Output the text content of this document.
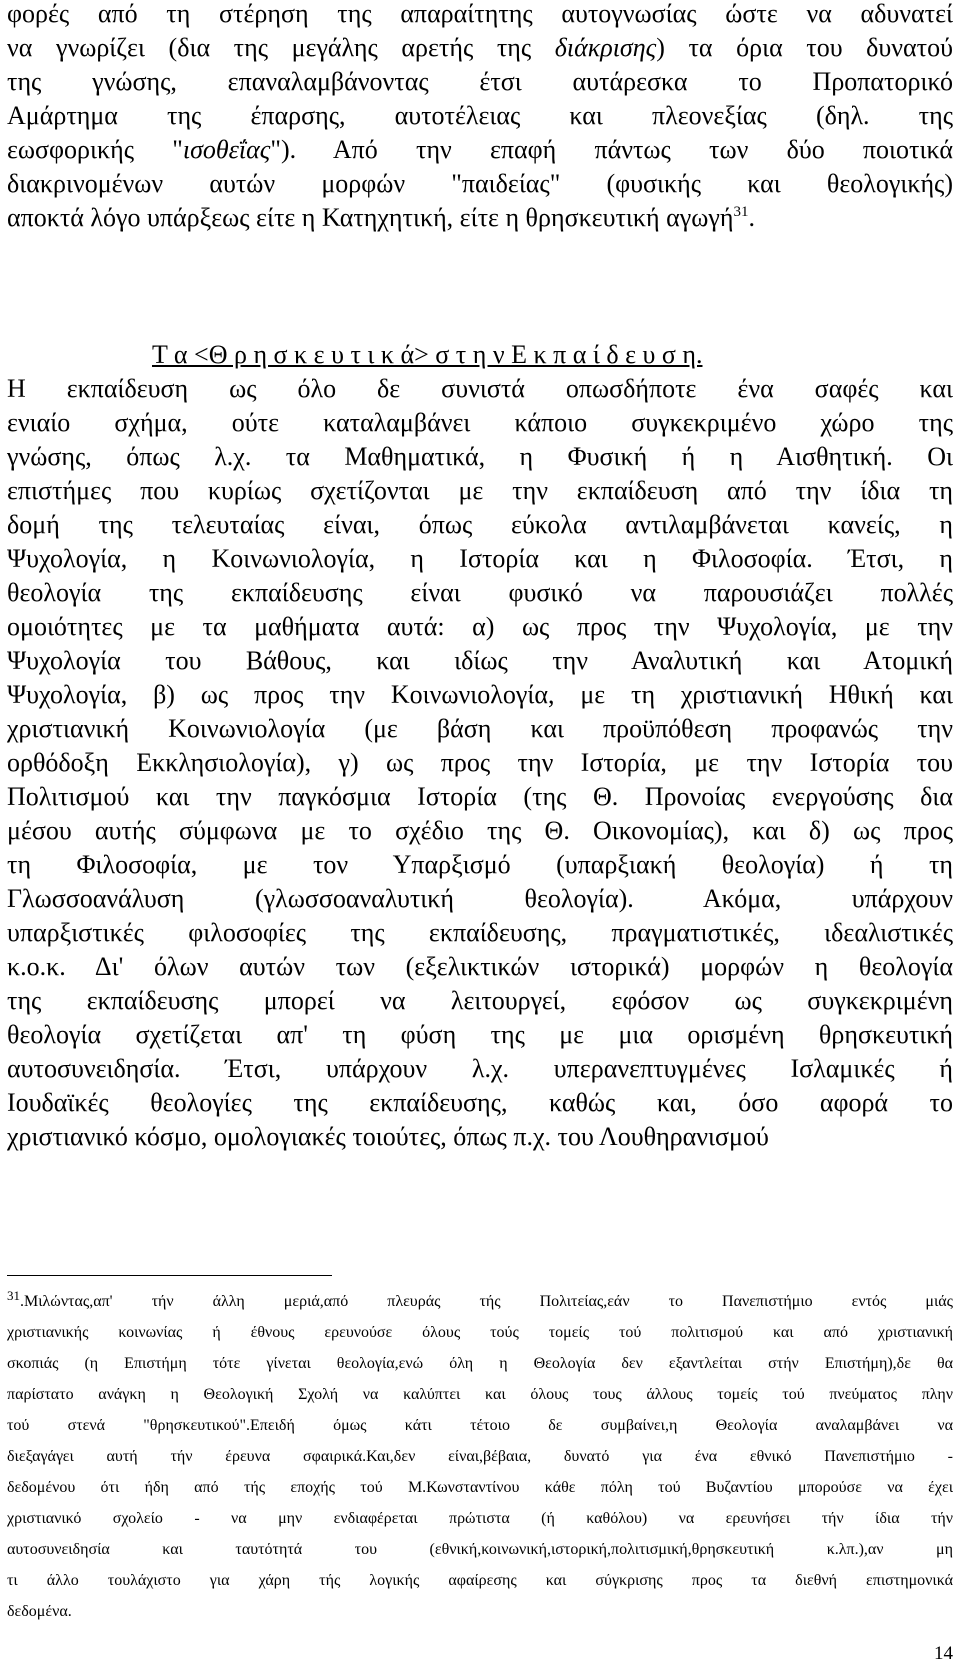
φορές από τη στέρηση της απαραίτητης αυτογνωσίας ώστε να αδυνατεί
να γνωρίζει (δια της μεγάλης αρετής της διάκρισης) τα όρια του δυνατού
της γνώσης, επαναλαμβάνοντας έτσι αυτάρεσκα το Προπατορικό
Αμάρτημα της έπαρσης, αυτοτέλειας και πλεονεξίας (δηλ. της
εωσφορικής "ισοθεΐας"). Από την επαφή πάντως των δύο ποιοτικά
διακρινομένων αυτών μορφών "παιδείας" (φυσικής και θεολογικής)
αποκτά λόγο υπάρξεως είτε η Κατηχητική, είτε η θρησκευτική αγωγή$^{31}$.
Τ α <Θ ρ η σ κ ε υ τ ι κ ά> σ τ η ν Ε κ π α ί δ ε υ σ η.
Η εκπαίδευση ως όλο δε συνιστά οπωσδήποτε ένα σαφές και
ενιαίο σχήμα, ούτε καταλαμβάνει κάποιο συγκεκριμένο χώρο της
γνώσης, όπως λ.χ. τα Μαθηματικά, η Φυσική ή η Αισθητική. Οι
επιστήμες που κυρίως σχετίζονται με την εκπαίδευση από την ίδια τη
δομή της τελευταίας είναι, όπως εύκολα αντιλαμβάνεται κανείς, η
Ψυχολογία, η Κοινωνιολογία, η Ιστορία και η Φιλοσοφία. Έτσι, η
θεολογία της εκπαίδευσης είναι φυσικό να παρουσιάζει πολλές
ομοιότητες με τα μαθήματα αυτά: α) ως προς την Ψυχολογία, με την
Ψυχολογία του Βάθους, και ιδίως την Αναλυτική και Ατομική
Ψυχολογία, β) ως προς την Κοινωνιολογία, με τη χριστιανική Ηθική και
χριστιανική Κοινωνιολογία (με βάση και προϋπόθεση προφανώς την
ορθόδοξη Εκκλησιολογία), γ) ως προς την Ιστορία, με την Ιστορία του
Πολιτισμού και την παγκόσμια Ιστορία (της Θ. Προνοίας ενεργούσης δια
μέσου αυτής σύμφωνα με το σχέδιο της Θ. Οικονομίας), και δ) ως προς
τη Φιλοσοφία, με τον Υπαρξισμό (υπαρξιακή θεολογία) ή τη
Γλωσσοανάλυση (γλωσσοαναλυτική θεολογία). Ακόμα, υπάρχουν
υπαρξιστικές φιλοσοφίες της εκπαίδευσης, πραγματιστικές, ιδεαλιστικές
κ.ο.κ. Δι' όλων αυτών των (εξελικτικών ιστορικά) μορφών η θεολογία
της εκπαίδευσης μπορεί να λειτουργεί, εφόσον ως συγκεκριμένη
θεολογία σχετίζεται απ' τη φύση της με μια ορισμένη θρησκευτική
αυτοσυνειδησία. Έτσι, υπάρχουν λ.χ. υπερανεπτυγμένες Ισλαμικές ή
Ιουδαϊκές θεολογίες της εκπαίδευσης, καθώς και, όσο αφορά το
χριστιανικό κόσμο, ομολογιακές τοιούτες, όπως π.χ. του Λουθηρανισμού
$^{31}$.Μιλώντας,απ' τήν άλλη μεριά,από πλευράς τής Πολιτείας,εάν το Πανεπιστήμιο εντός μιάς
χριστιανικής κοινωνίας ή έθνους ερευνούσε όλους τούς τομείς τού πολιτισμού και από χριστιανική
σκοπιάς (η Επιστήμη τότε γίνεται θεολογία,ενώ όλη η Θεολογία δεν εξαντλείται στήν Επιστήμη),δε θα
παρίστατο ανάγκη η Θεολογική Σχολή να καλύπτει και όλους τους άλλους τομείς τού πνεύματος πλην
τού στενά "θρησκευτικού".Επειδή όμως κάτι τέτοιο δε συμβαίνει,η Θεολογία αναλαμβάνει να
διεξαγάγει αυτή τήν έρευνα σφαιρικά.Και,δεν είναι,βέβαια, δυνατό για ένα εθνικό Πανεπιστήμιο -
δεδομένου ότι ήδη από τής εποχής τού Μ.Κωνσταντίνου κάθε πόλη τού Βυζαντίου μπορούσε να έχει
χριστιανικό σχολείο - να μην ενδιαφέρεται πρώτιστα (ή καθόλου) να ερευνήσει τήν ίδια τήν
αυτοσυνειδησία και ταυτότητά του (εθνική,κοινωνική,ιστορική,πολιτισμική,θρησκευτική κ.λπ.),αν μη
τι άλλο τουλάχιστο για χάρη τής λογικής αφαίρεσης και σύγκρισης προς τα διεθνή επιστημονικά
δεδομένα.
14
